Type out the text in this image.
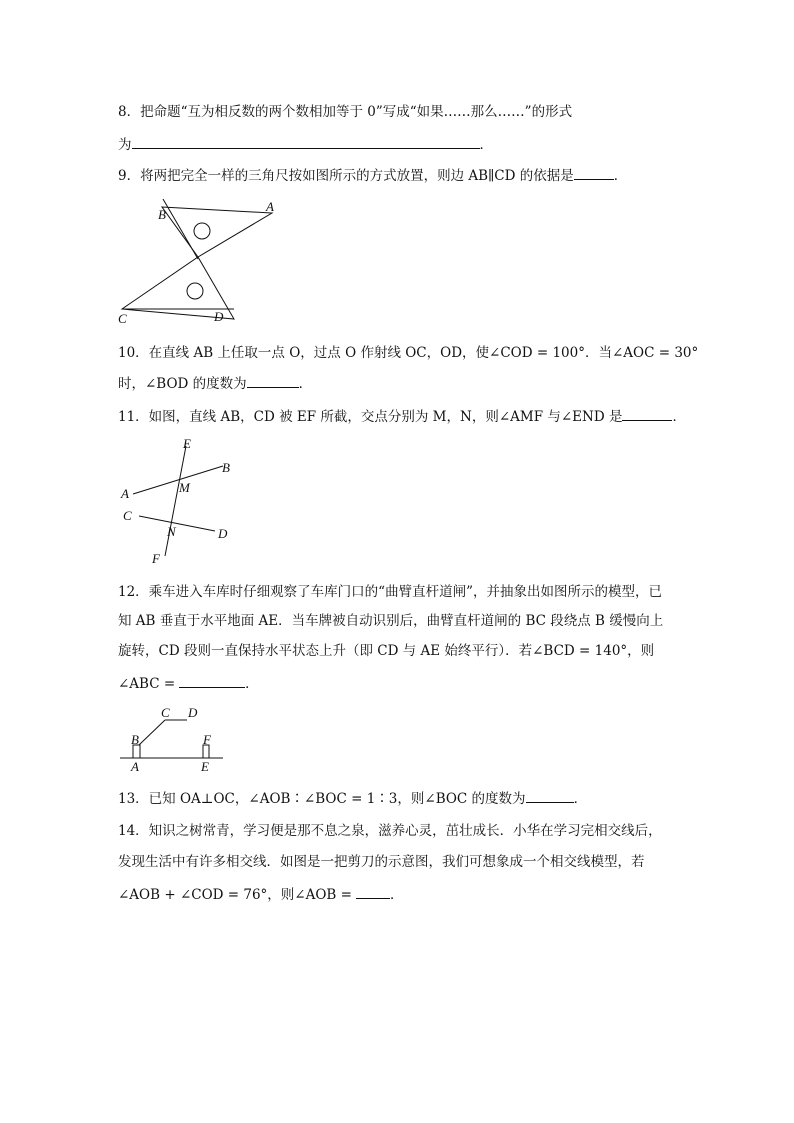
8．把命题“互为相反数的两个数相加等于 0”写成“如果……那么……”的形式
为	．
9．将两把完全一样的三角尺按如图所示的方式放置，则边 AB∥CD 的依据是	．
B
A
C	D
10．在直线 AB 上任取一点 O，过点 O 作射线 OC，OD，使∠COD = 100°．当∠AOC = 30°
时，∠BOD 的度数为	．
11．如图，直线 AB，CD 被 EF 所截，交点分别为 M，N，则∠AMF 与∠END 是	．
E
B
A	M
C
N	D
F
12．乘车进入车库时仔细观察了车库门口的“曲臂直杆道闸”，并抽象出如图所示的模型，已
知 AB 垂直于水平地面 AE．当车牌被自动识别后，曲臂直杆道闸的 BC 段绕点 B 缓慢向上
旋转，CD 段则一直保持水平状态上升（即 CD 与 AE 始终平行）．若∠BCD = 140°，则
∠ABC =	．
C D
B	F
A	E
13．已知 OA⊥OC，∠AOB∶∠BOC = 1∶3，则∠BOC 的度数为	．
14．知识之树常青，学习便是那不息之泉，滋养心灵，茁壮成长．小华在学习完相交线后，
发现生活中有许多相交线．如图是一把剪刀的示意图，我们可想象成一个相交线模型，若
∠AOB + ∠COD = 76°，则∠AOB =	．
